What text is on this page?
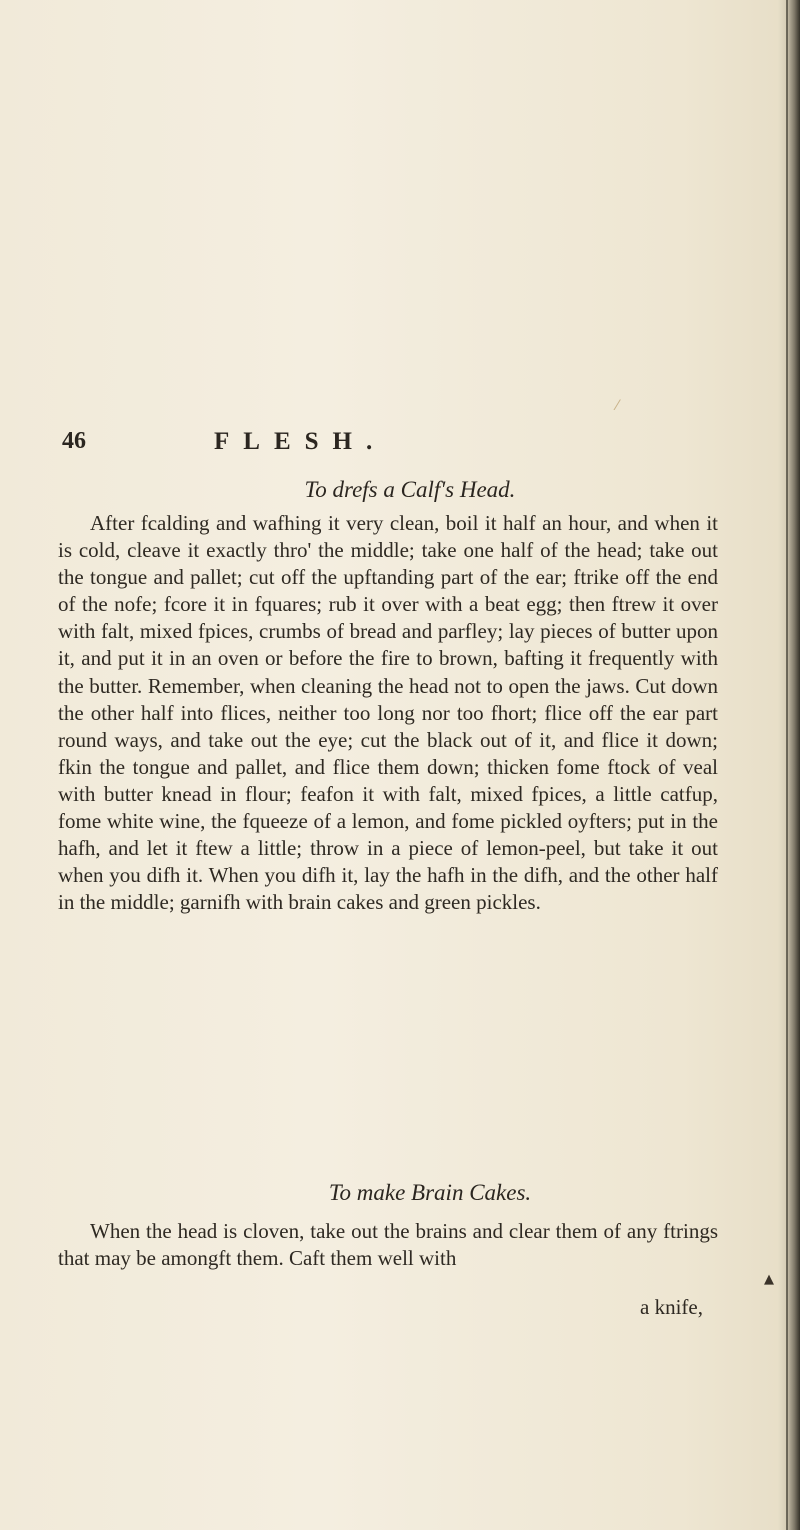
⁄
▲
46	FLESH.
To drefs a Calf's Head.

After fcalding and wafhing it very clean, boil it half an hour, and when it is cold, cleave it exactly thro' the middle; take one half of the head; take out the tongue and pallet; cut off the upftanding part of the ear; ftrike off the end of the nofe; fcore it in fquares; rub it over with a beat egg; then ftrew it over with falt, mixed fpices, crumbs of bread and parfley; lay pieces of butter upon it, and put it in an oven or before the fire to brown, bafting it frequently with the butter. Remember, when cleaning the head not to open the jaws. Cut down the other half into flices, neither too long nor too fhort; flice off the ear part round ways, and take out the eye; cut the black out of it, and flice it down; fkin the tongue and pallet, and flice them down; thicken fome ftock of veal with butter knead in flour; feafon it with falt, mixed fpices, a little catfup, fome white wine, the fqueeze of a lemon, and fome pickled oyfters; put in the hafh, and let it ftew a little; throw in a piece of lemon-peel, but take it out when you difh it. When you difh it, lay the hafh in the difh, and the other half in the middle; garnifh with brain cakes and green pickles.

To make Brain Cakes.

When the head is cloven, take out the brains and clear them of any ftrings that may be amongft them. Caft them well with

a knife,
